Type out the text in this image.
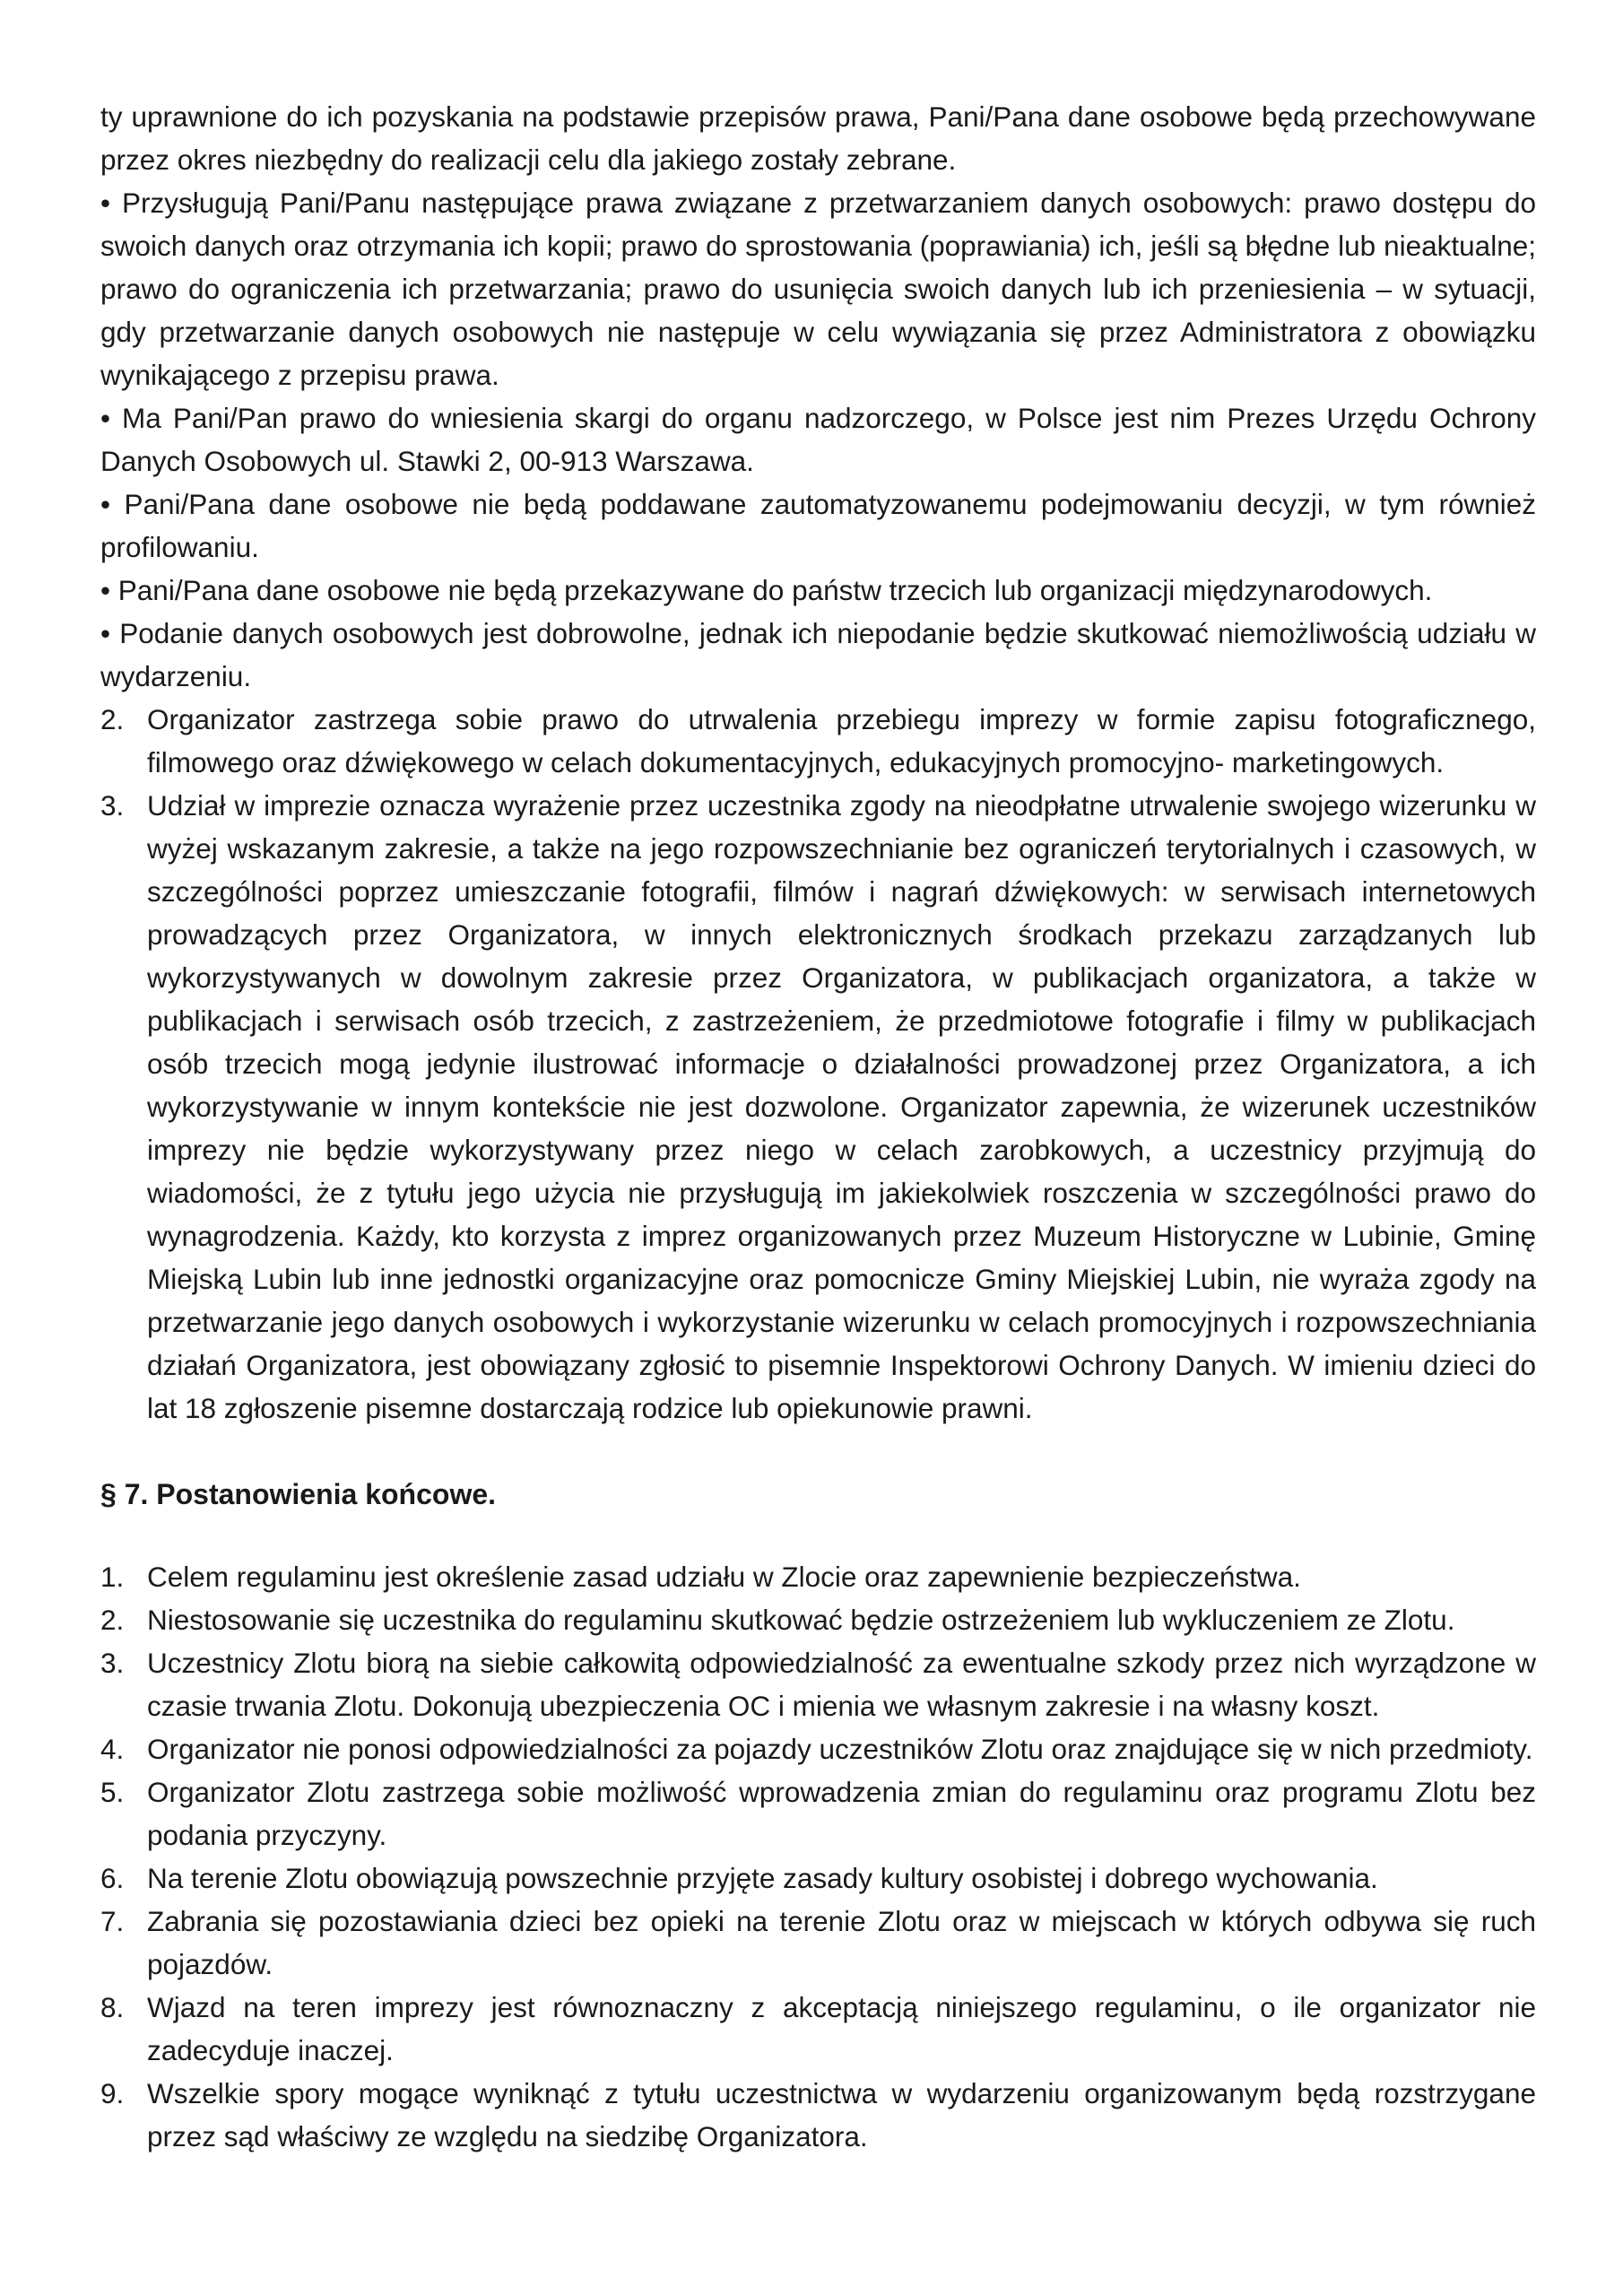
ty uprawnione do ich pozyskania na podstawie przepisów prawa, Pani/Pana dane osobowe będą przechowywane przez okres niezbędny do realizacji celu dla jakiego zostały zebrane.

• Przysługują Pani/Panu następujące prawa związane z przetwarzaniem danych osobowych: prawo dostępu do swoich danych oraz otrzymania ich kopii; prawo do sprostowania (poprawiania) ich, jeśli są błędne lub nieaktualne; prawo do ograniczenia ich przetwarzania; prawo do usunięcia swoich danych lub ich przeniesienia – w sytuacji, gdy przetwarzanie danych osobowych nie następuje w celu wywiązania się przez Administratora z obowiązku wynikającego z przepisu prawa.

• Ma Pani/Pan prawo do wniesienia skargi do organu nadzorczego, w Polsce jest nim Prezes Urzędu Ochrony Danych Osobowych ul. Stawki 2, 00-913 Warszawa.

• Pani/Pana dane osobowe nie będą poddawane zautomatyzowanemu podejmowaniu decyzji, w tym również profilowaniu.

• Pani/Pana dane osobowe nie będą przekazywane do państw trzecich lub organizacji międzynarodowych.

• Podanie danych osobowych jest dobrowolne, jednak ich niepodanie będzie skutkować niemożliwością udziału w wydarzeniu.

2. Organizator zastrzega sobie prawo do utrwalenia przebiegu imprezy w formie zapisu fotograficznego, filmowego oraz dźwiękowego w celach dokumentacyjnych, edukacyjnych promocyjno- marketingowych.
3. Udział w imprezie oznacza wyrażenie przez uczestnika zgody na nieodpłatne utrwalenie swojego wizerunku w wyżej wskazanym zakresie, a także na jego rozpowszechnianie bez ograniczeń terytorialnych i czasowych, w szczególności poprzez umieszczanie fotografii, filmów i nagrań dźwiękowych: w serwisach internetowych prowadzących przez Organizatora, w innych elektronicznych środkach przekazu zarządzanych lub wykorzystywanych w dowolnym zakresie przez Organizatora, w publikacjach organizatora, a także w publikacjach i serwisach osób trzecich, z zastrzeżeniem, że przedmiotowe fotografie i filmy w publikacjach osób trzecich mogą jedynie ilustrować informacje o działalności prowadzonej przez Organizatora, a ich wykorzystywanie w innym kontekście nie jest dozwolone. Organizator zapewnia, że wizerunek uczestników imprezy nie będzie wykorzystywany przez niego w celach zarobkowych, a uczestnicy przyjmują do wiadomości, że z tytułu jego użycia nie przysługują im jakiekolwiek roszczenia w szczególności prawo do wynagrodzenia. Każdy, kto korzysta z imprez organizowanych przez Muzeum Historyczne w Lubinie, Gminę Miejską Lubin lub inne jednostki organizacyjne oraz pomocnicze Gminy Miejskiej Lubin, nie wyraża zgody na przetwarzanie jego danych osobowych i wykorzystanie wizerunku w celach promocyjnych i rozpowszechniania działań Organizatora, jest obowiązany zgłosić to pisemnie Inspektorowi Ochrony Danych. W imieniu dzieci do lat 18 zgłoszenie pisemne dostarczają rodzice lub opiekunowie prawni.
§ 7. Postanowienia końcowe.
1. Celem regulaminu jest określenie zasad udziału w Zlocie oraz zapewnienie bezpieczeństwa.
2. Niestosowanie się uczestnika do regulaminu skutkować będzie ostrzeżeniem lub wykluczeniem ze Zlotu.
3. Uczestnicy Zlotu biorą na siebie całkowitą odpowiedzialność za ewentualne szkody przez nich wyrządzone w czasie trwania Zlotu. Dokonują ubezpieczenia OC i mienia we własnym zakresie i na własny koszt.
4. Organizator nie ponosi odpowiedzialności za pojazdy uczestników Zlotu oraz znajdujące się w nich przedmioty.
5. Organizator Zlotu zastrzega sobie możliwość wprowadzenia zmian do regulaminu oraz programu Zlotu bez podania przyczyny.
6. Na terenie Zlotu obowiązują powszechnie przyjęte zasady kultury osobistej i dobrego wychowania.
7. Zabrania się pozostawiania dzieci bez opieki na terenie Zlotu oraz w miejscach w których odbywa się ruch pojazdów.
8. Wjazd na teren imprezy jest równoznaczny z akceptacją niniejszego regulaminu, o ile organizator nie zadecyduje inaczej.
9. Wszelkie spory mogące wyniknąć z tytułu uczestnictwa w wydarzeniu organizowanym będą rozstrzygane przez sąd właściwy ze względu na siedzibę Organizatora.
